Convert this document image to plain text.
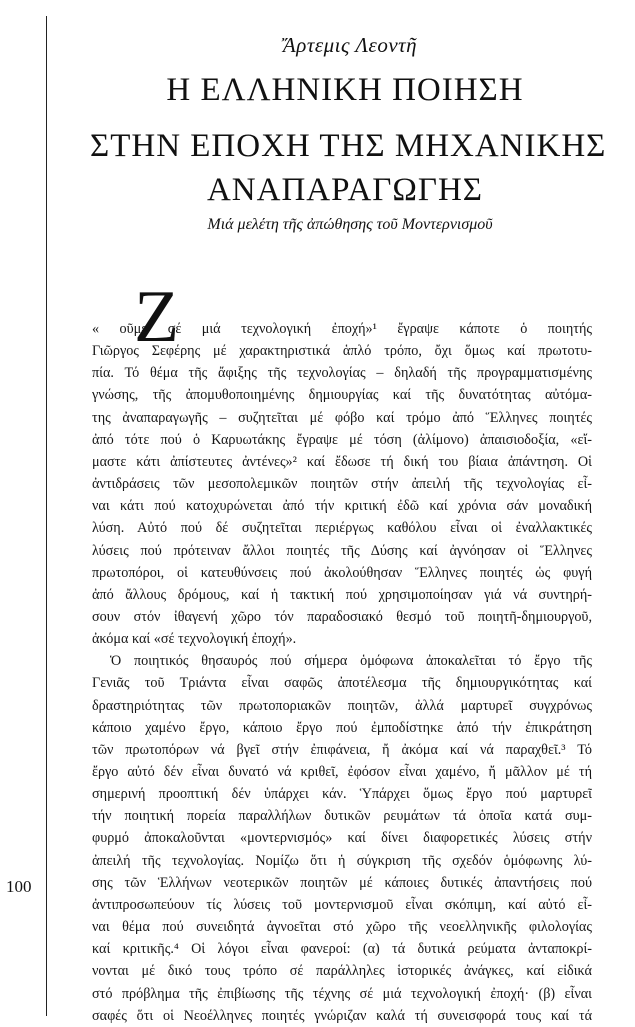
Ἄρτεμις Λεοντῆ
Η ΕΛΛΗΝΙΚΗ ΠΟΙΗΣΗ
ΣΤΗΝ ΕΠΟΧΗ ΤΗΣ ΜΗΧΑΝΙΚΗΣ
ΑΝΑΠΑΡΑΓΩΓΗΣ
Μιά μελέτη τῆς ἀπώθησης τοῦ Μοντερνισμοῦ
Z
100
« οῦμε σέ μιά τεχνολογική ἐποχή»¹ ἔγραψε κάποτε ὁ ποιητής
Γιῶργος Σεφέρης μέ χαρακτηριστικά ἁπλό τρόπο, ὄχι ὅμως καί πρωτοτυ-
πία. Τό θέμα τῆς ἄφιξης τῆς τεχνολογίας – δηλαδή τῆς προγραμματισμένης
γνώσης, τῆς ἀπομυθοποιημένης δημιουργίας καί τῆς δυνατότητας αὐτόμα-
της ἀναπαραγωγῆς – συζητεῖται μέ φόβο καί τρόμο ἀπό Ἕλληνες ποιητές
ἀπό τότε πού ὁ Καρυωτάκης ἔγραψε μέ τόση (ἀλίμονο) ἀπαισιοδοξία, «εἴ-
μαστε κάτι ἀπίστευτες ἀντένες»² καί ἔδωσε τή δική του βίαια ἀπάντηση. Οἱ
ἀντιδράσεις τῶν μεσοπολεμικῶν ποιητῶν στήν ἀπειλή τῆς τεχνολογίας εἶ-
ναι κάτι πού κατοχυρώνεται ἀπό τήν κριτική ἐδῶ καί χρόνια σάν μοναδική
λύση. Αὐτό πού δέ συζητεῖται περιέργως καθόλου εἶναι οἱ ἐναλλακτικές
λύσεις πού πρότειναν ἄλλοι ποιητές τῆς Δύσης καί ἀγνόησαν οἱ Ἕλληνες
πρωτοπόροι, οἱ κατευθύνσεις πού ἀκολούθησαν Ἕλληνες ποιητές ὡς φυγή
ἀπό ἄλλους δρόμους, καί ἡ τακτική πού χρησιμοποίησαν γιά νά συντηρή-
σουν στόν ἰθαγενή χῶρο τόν παραδοσιακό θεσμό τοῦ ποιητῆ-δημιουργοῦ,
ἀκόμα καί «σέ τεχνολογική ἐποχή».
Ὁ ποιητικός θησαυρός πού σήμερα ὁμόφωνα ἀποκαλεῖται τό ἔργο τῆς
Γενιᾶς τοῦ Τριάντα εἶναι σαφῶς ἀποτέλεσμα τῆς δημιουργικότητας καί
δραστηριότητας τῶν πρωτοποριακῶν ποιητῶν, ἀλλά μαρτυρεῖ συγχρόνως
κάποιο χαμένο ἔργο, κάποιο ἔργο πού ἐμποδίστηκε ἀπό τήν ἐπικράτηση
τῶν πρωτοπόρων νά βγεῖ στήν ἐπιφάνεια, ἤ ἀκόμα καί νά παραχθεῖ.³ Τό
ἔργο αὐτό δέν εἶναι δυνατό νά κριθεῖ, ἐφόσον εἶναι χαμένο, ἤ μᾶλλον μέ τή
σημερινή προοπτική δέν ὑπάρχει κάν. Ὑπάρχει ὅμως ἔργο πού μαρτυρεῖ
τήν ποιητική πορεία παραλλήλων δυτικῶν ρευμάτων τά ὁποῖα κατά συμ-
φυρμό ἀποκαλοῦνται «μοντερνισμός» καί δίνει διαφορετικές λύσεις στήν
ἀπειλή τῆς τεχνολογίας. Νομίζω ὅτι ἡ σύγκριση τῆς σχεδόν ὁμόφωνης λύ-
σης τῶν Ἑλλήνων νεοτερικῶν ποιητῶν μέ κάποιες δυτικές ἀπαντήσεις πού
ἀντιπροσωπεύουν τίς λύσεις τοῦ μοντερνισμοῦ εἶναι σκόπιμη, καί αὐτό εἶ-
ναι θέμα πού συνειδητά ἀγνοεῖται στό χῶρο τῆς νεοελληνικῆς φιλολογίας
καί κριτικῆς.⁴ Οἱ λόγοι εἶναι φανεροί: (α) τά δυτικά ρεύματα ἀνταποκρί-
νονται μέ δικό τους τρόπο σέ παράλληλες ἱστορικές ἀνάγκες, καί εἰδικά
στό πρόβλημα τῆς ἐπιβίωσης τῆς τέχνης σέ μιά τεχνολογική ἐποχή· (β) εἶναι
σαφές ὅτι οἱ Νεοέλληνες ποιητές γνώριζαν καλά τή συνεισφορά τους καί τά
